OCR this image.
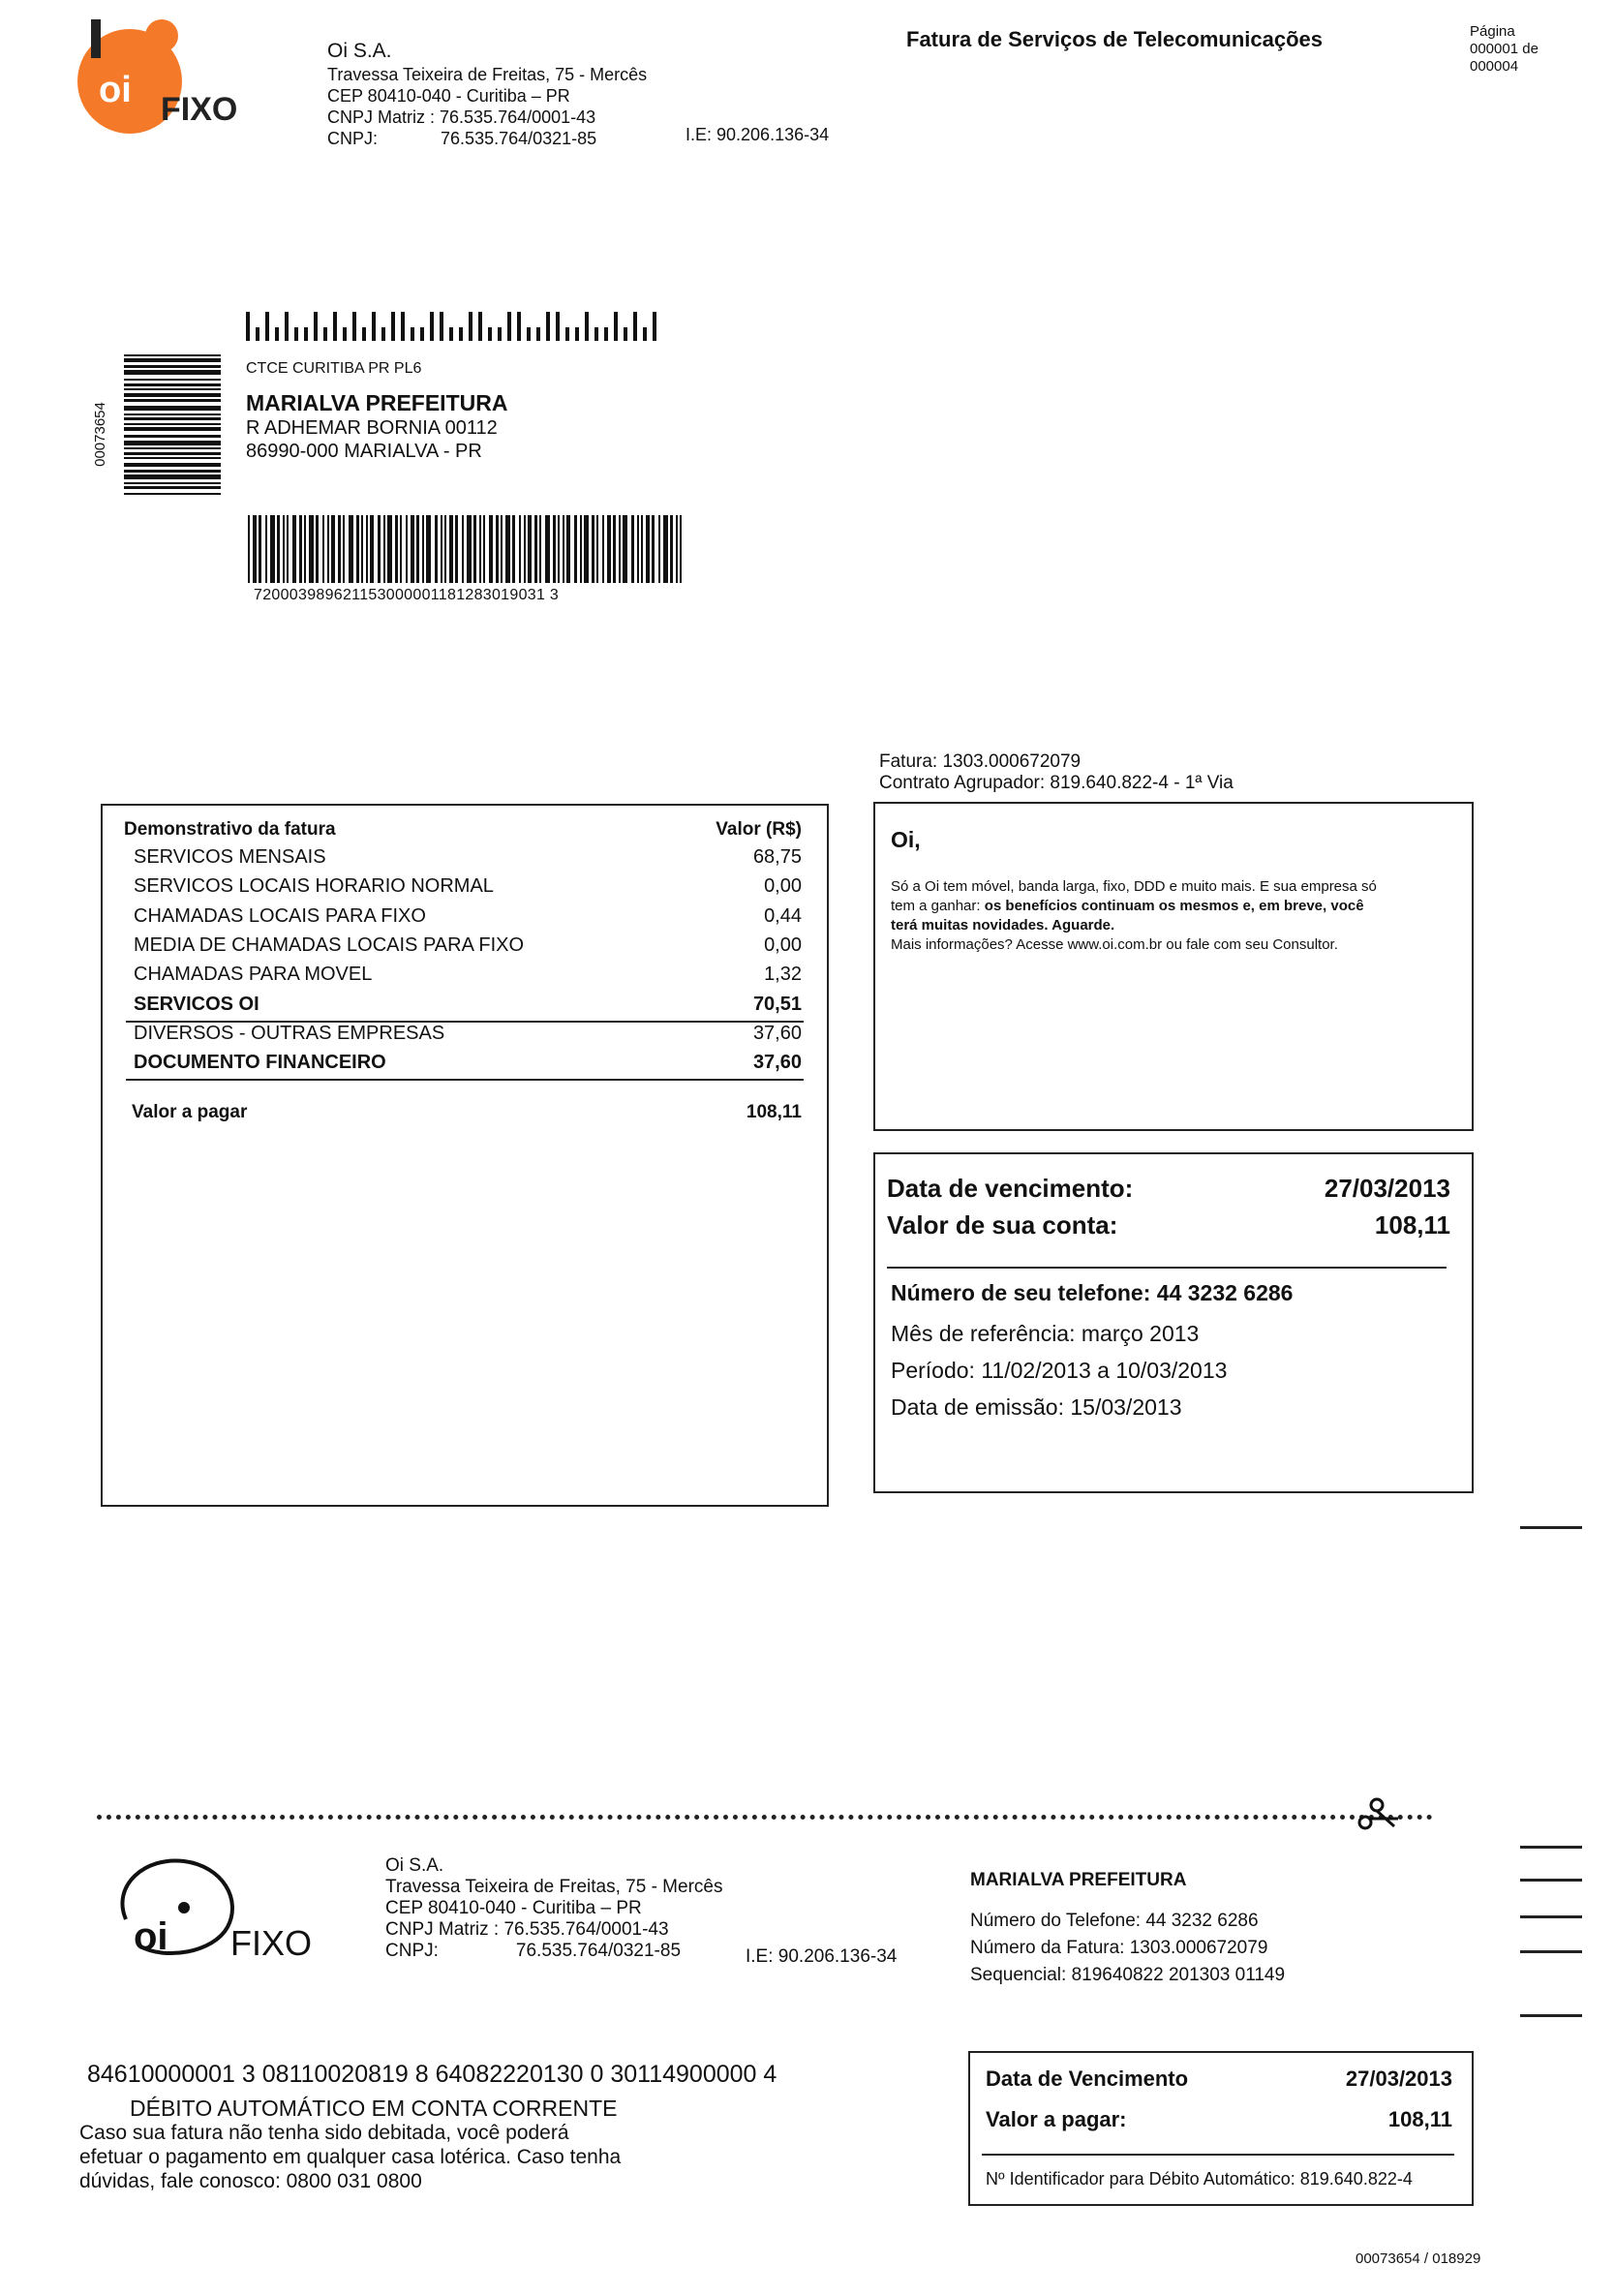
oi FIXO
Oi S.A.
Travessa Teixeira de Freitas, 75 - Mercês
CEP 80410-040 - Curitiba – PR
CNPJ Matriz : 76.535.764/0001-43
CNPJ:	76.535.764/0321-85	I.E: 90.206.136-34
Fatura de Serviços de Telecomunicações	Página
000001 de
000004
00073654
CTCE CURITIBA PR PL6
MARIALVA PREFEITURA
R ADHEMAR BORNIA 00112
86990-000 MARIALVA - PR
720003989621153000001181283019031 3
Fatura: 1303.000672079
Contrato Agrupador: 819.640.822-4 - 1ª Via
Demonstrativo da fatura	Valor (R$)
SERVICOS MENSAIS	68,75
SERVICOS LOCAIS HORARIO NORMAL	0,00
CHAMADAS LOCAIS PARA FIXO	0,44
MEDIA DE CHAMADAS LOCAIS PARA FIXO	0,00
CHAMADAS PARA MOVEL	1,32
SERVICOS OI	70,51
DIVERSOS - OUTRAS EMPRESAS	37,60
DOCUMENTO FINANCEIRO	37,60
Valor a pagar	108,11
Oi,
Só a Oi tem móvel, banda larga, fixo, DDD e muito mais. E sua empresa só
tem a ganhar: os benefícios continuam os mesmos e, em breve, você
terá muitas novidades. Aguarde.
Mais informações? Acesse www.oi.com.br ou fale com seu Consultor.
Data de vencimento:	27/03/2013
Valor de sua conta:	108,11
Número de seu telefone: 44 3232 6286
Mês de referência: março 2013
Período: 11/02/2013 a 10/03/2013
Data de emissão: 15/03/2013
oi FIXO
Oi S.A.
Travessa Teixeira de Freitas, 75 - Mercês
CEP 80410-040 - Curitiba – PR
CNPJ Matriz : 76.535.764/0001-43
CNPJ:	76.535.764/0321-85	I.E: 90.206.136-34
MARIALVA PREFEITURA
Número do Telefone: 44 3232 6286
Número da Fatura: 1303.000672079
Sequencial: 819640822 201303 01149
84610000001 3 08110020819 8 64082220130 0 30114900000 4
DÉBITO AUTOMÁTICO EM CONTA CORRENTE
Caso sua fatura não tenha sido debitada, você poderá
efetuar o pagamento em qualquer casa lotérica. Caso tenha
dúvidas, fale conosco: 0800 031 0800
Data de Vencimento	27/03/2013
Valor a pagar:	108,11
Nº Identificador para Débito Automático: 819.640.822-4
00073654 / 018929
